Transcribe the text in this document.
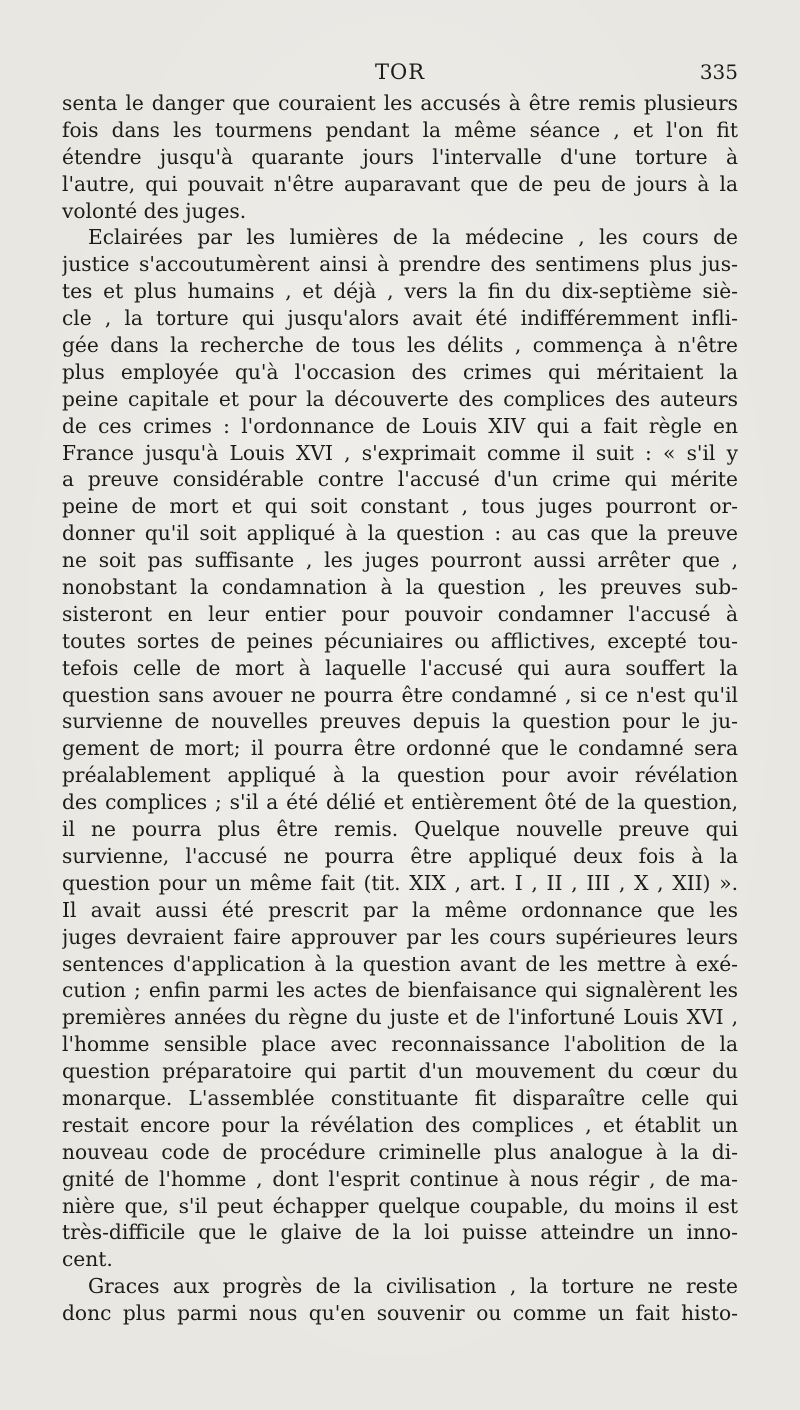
TOR	335
senta le danger que couraient les accusés à être remis plusieurs
fois dans les tourmens pendant la même séance , et l'on fit
étendre jusqu'à quarante jours l'intervalle d'une torture à
l'autre, qui pouvait n'être auparavant que de peu de jours à la
volonté des juges.
Eclairées par les lumières de la médecine , les cours de
justice s'accoutumèrent ainsi à prendre des sentimens plus jus-
tes et plus humains , et déjà , vers la fin du dix-septième siè-
cle , la torture qui jusqu'alors avait été indifféremment infli-
gée dans la recherche de tous les délits , commença à n'être
plus employée qu'à l'occasion des crimes qui méritaient la
peine capitale et pour la découverte des complices des auteurs
de ces crimes : l'ordonnance de Louis XIV qui a fait règle en
France jusqu'à Louis XVI , s'exprimait comme il suit : « s'il y
a preuve considérable contre l'accusé d'un crime qui mérite
peine de mort et qui soit constant , tous juges pourront or-
donner qu'il soit appliqué à la question : au cas que la preuve
ne soit pas suffisante , les juges pourront aussi arrêter que ,
nonobstant la condamnation à la question , les preuves sub-
sisteront en leur entier pour pouvoir condamner l'accusé à
toutes sortes de peines pécuniaires ou afflictives, excepté tou-
tefois celle de mort à laquelle l'accusé qui aura souffert la
question sans avouer ne pourra être condamné , si ce n'est qu'il
survienne de nouvelles preuves depuis la question pour le ju-
gement de mort; il pourra être ordonné que le condamné sera
préalablement appliqué à la question pour avoir révélation
des complices ; s'il a été délié et entièrement ôté de la question,
il ne pourra plus être remis. Quelque nouvelle preuve qui
survienne, l'accusé ne pourra être appliqué deux fois à la
question pour un même fait (tit. XIX , art. I , II , III , X , XII) ».
Il avait aussi été prescrit par la même ordonnance que les
juges devraient faire approuver par les cours supérieures leurs
sentences d'application à la question avant de les mettre à exé-
cution ; enfin parmi les actes de bienfaisance qui signalèrent les
premières années du règne du juste et de l'infortuné Louis XVI ,
l'homme sensible place avec reconnaissance l'abolition de la
question préparatoire qui partit d'un mouvement du cœur du
monarque. L'assemblée constituante fit disparaître celle qui
restait encore pour la révélation des complices , et établit un
nouveau code de procédure criminelle plus analogue à la di-
gnité de l'homme , dont l'esprit continue à nous régir , de ma-
nière que, s'il peut échapper quelque coupable, du moins il est
très-difficile que le glaive de la loi puisse atteindre un inno-
cent.
Graces aux progrès de la civilisation , la torture ne reste
donc plus parmi nous qu'en souvenir ou comme un fait histo-
